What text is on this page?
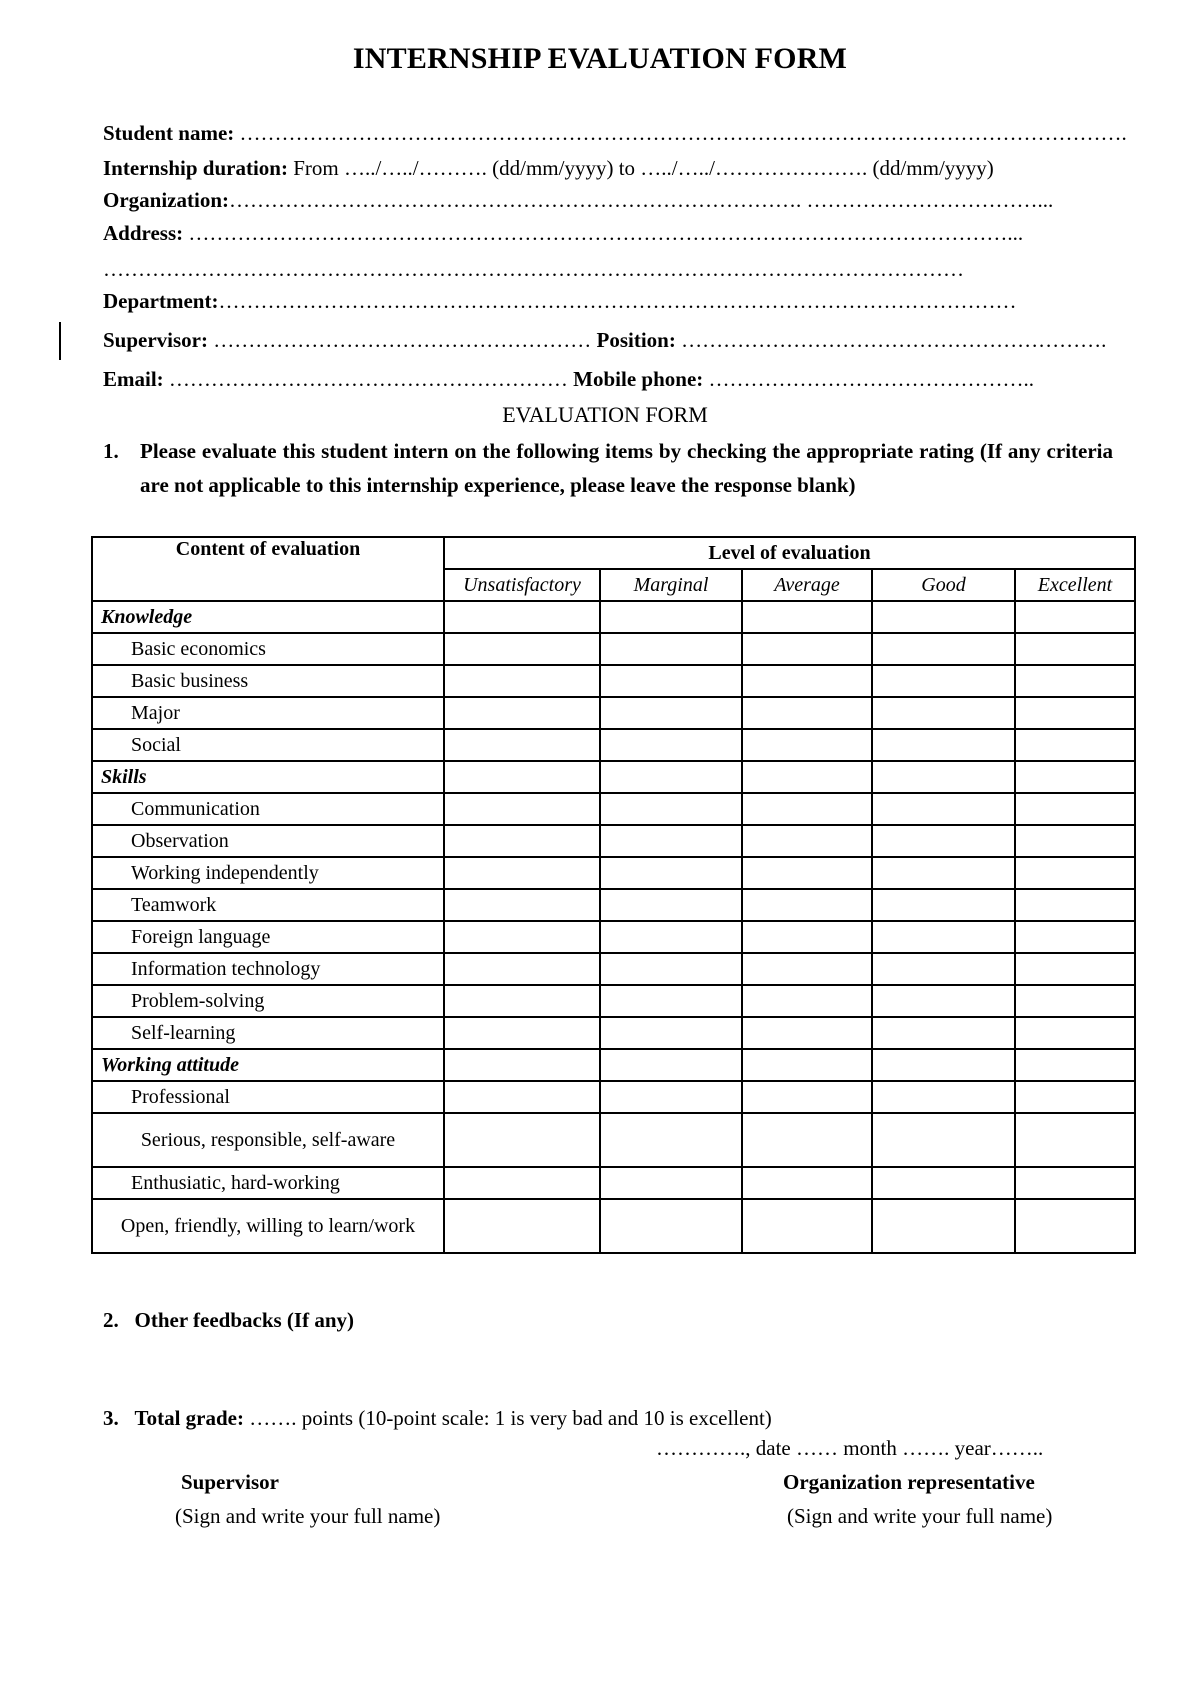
INTERNSHIP EVALUATION FORM
Student name: ……………………………………………………………………………………………………………….
Internship duration: From …../…../………. (dd/mm/yyyy) to …../…../…………………. (dd/mm/yyyy)
Organization:………………………………………………………………………. ……………………………...
Address: ………………………………………………………………………………………………………...
……………………………………………………………………………………………………………
Department:……………………………………………………………………………………………………
Supervisor: ……………………………………………… Position: …………………………………………………….
Email: ………………………………………………… Mobile phone: ………………………………………..
EVALUATION FORM
1. Please evaluate this student intern on the following items by checking the appropriate rating (If any criteria are not applicable to this internship experience, please leave the response blank)
Content of evaluation	Level of evaluation				
	Unsatisfactory	Marginal	Average	Good	Excellent
Knowledge					
Basic economics					
Basic business					
Major					
Social					
Skills					
Communication					
Observation					
Working independently					
Teamwork					
Foreign language					
Information technology					
Problem-solving					
Self-learning					
Working attitude					
Professional					
Serious, responsible, self-aware					
Enthusiatic, hard-working					
Open, friendly, willing to learn/work					
2. Other feedbacks (If any)
3. Total grade: ……. points (10-point scale: 1 is very bad and 10 is excellent)
…………., date …… month ……. year……..
Supervisor
(Sign and write your full name)
Organization representative
(Sign and write your full name)
